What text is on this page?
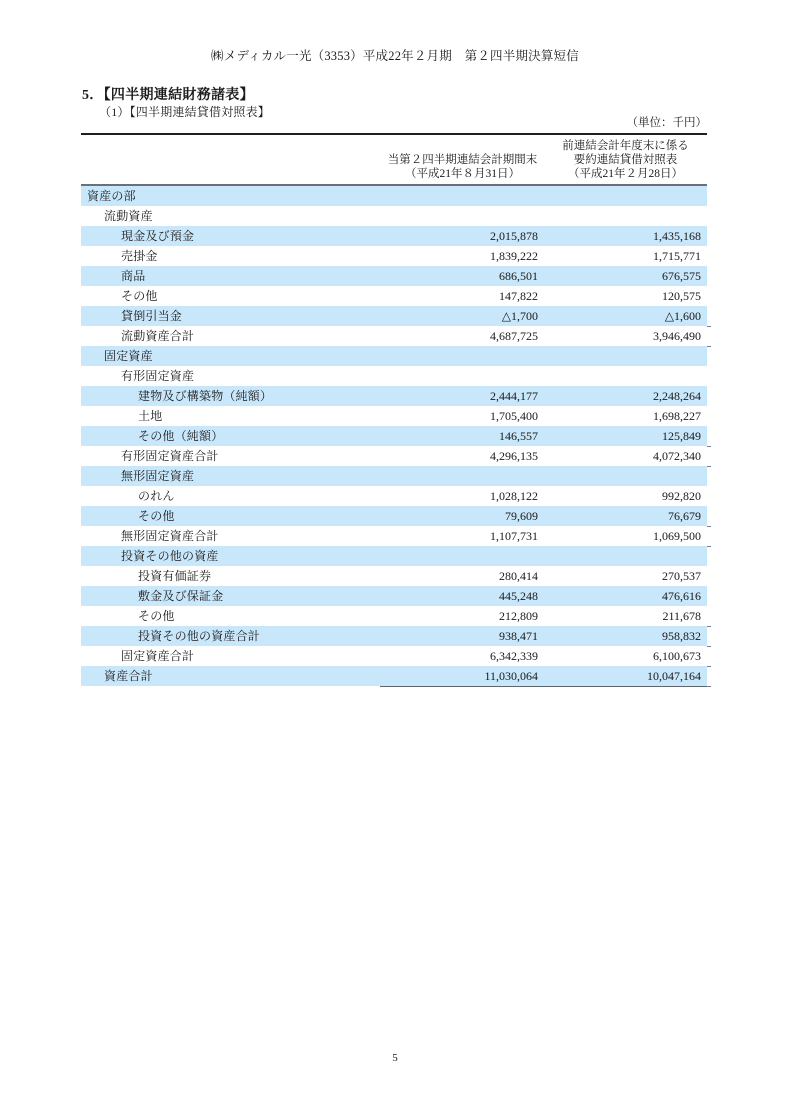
㈱メディカル一光（3353）平成22年２月期　第２四半期決算短信
5．【四半期連結財務諸表】
（1）【四半期連結貸借対照表】
（単位：千円）
当第２四半期連結会計期間末
（平成21年８月31日）
前連結会計年度末に係る
要約連結貸借対照表
（平成21年２月28日）
資産の部
流動資産
現金及び預金	2,015,878	1,435,168
売掛金	1,839,222	1,715,771
商品	686,501	676,575
その他	147,822	120,575
貸倒引当金	△1,700	△1,600
流動資産合計	4,687,725	3,946,490
固定資産
有形固定資産
建物及び構築物（純額）	2,444,177	2,248,264
土地	1,705,400	1,698,227
その他（純額）	146,557	125,849
有形固定資産合計	4,296,135	4,072,340
無形固定資産
のれん	1,028,122	992,820
その他	79,609	76,679
無形固定資産合計	1,107,731	1,069,500
投資その他の資産
投資有価証券	280,414	270,537
敷金及び保証金	445,248	476,616
その他	212,809	211,678
投資その他の資産合計	938,471	958,832
固定資産合計	6,342,339	6,100,673
資産合計	11,030,064	10,047,164
5
